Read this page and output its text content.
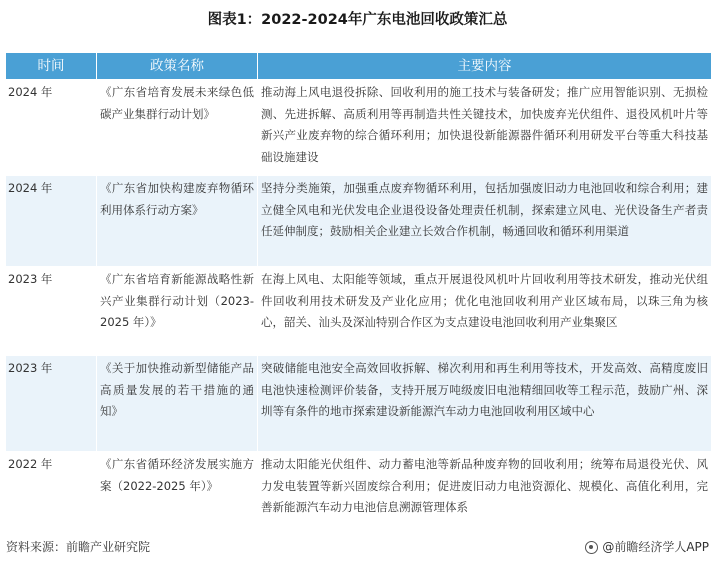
图表1：2022-2024年广东电池回收政策汇总
时间	政策名称	主要内容
2024 年	《广东省培育发展未来绿色低碳产业集群行动计划》	推动海上风电退役拆除、回收利用的施工技术与装备研发；推广应用智能识别、无损检测、先进拆解、高质利用等再制造共性关键技术，加快废弃光伏组件、退役风机叶片等新兴产业废弃物的综合循环利用；加快退役新能源器件循环利用研发平台等重大科技基础设施建设
2024 年	《广东省加快构建废弃物循环利用体系行动方案》	坚持分类施策，加强重点废弃物循环利用，包括加强废旧动力电池回收和综合利用；建立健全风电和光伏发电企业退役设备处理责任机制，探索建立风电、光伏设备生产者责任延伸制度；鼓励相关企业建立长效合作机制，畅通回收和循环利用渠道
2023 年	《广东省培育新能源战略性新兴产业集群行动计划（2023-2025 年）》	在海上风电、太阳能等领域，重点开展退役风机叶片回收利用等技术研发，推动光伏组件回收利用技术研发及产业化应用；优化电池回收利用产业区域布局，以珠三角为核心，韶关、汕头及深汕特别合作区为支点建设电池回收利用产业集聚区
2023 年	《关于加快推动新型储能产品高质量发展的若干措施的通知》	突破储能电池安全高效回收拆解、梯次利用和再生利用等技术，开发高效、高精度废旧电池快速检测评价装备，支持开展万吨级废旧电池精细回收等工程示范，鼓励广州、深圳等有条件的地市探索建设新能源汽车动力电池回收利用区域中心
2022 年	《广东省循环经济发展实施方案（2022-2025 年）》	推动太阳能光伏组件、动力蓄电池等新品种废弃物的回收利用；统筹布局退役光伏、风力发电装置等新兴固废综合利用；促进废旧动力电池资源化、规模化、高值化利用，完善新能源汽车动力电池信息溯源管理体系
资料来源：前瞻产业研究院	@前瞻经济学人APP
